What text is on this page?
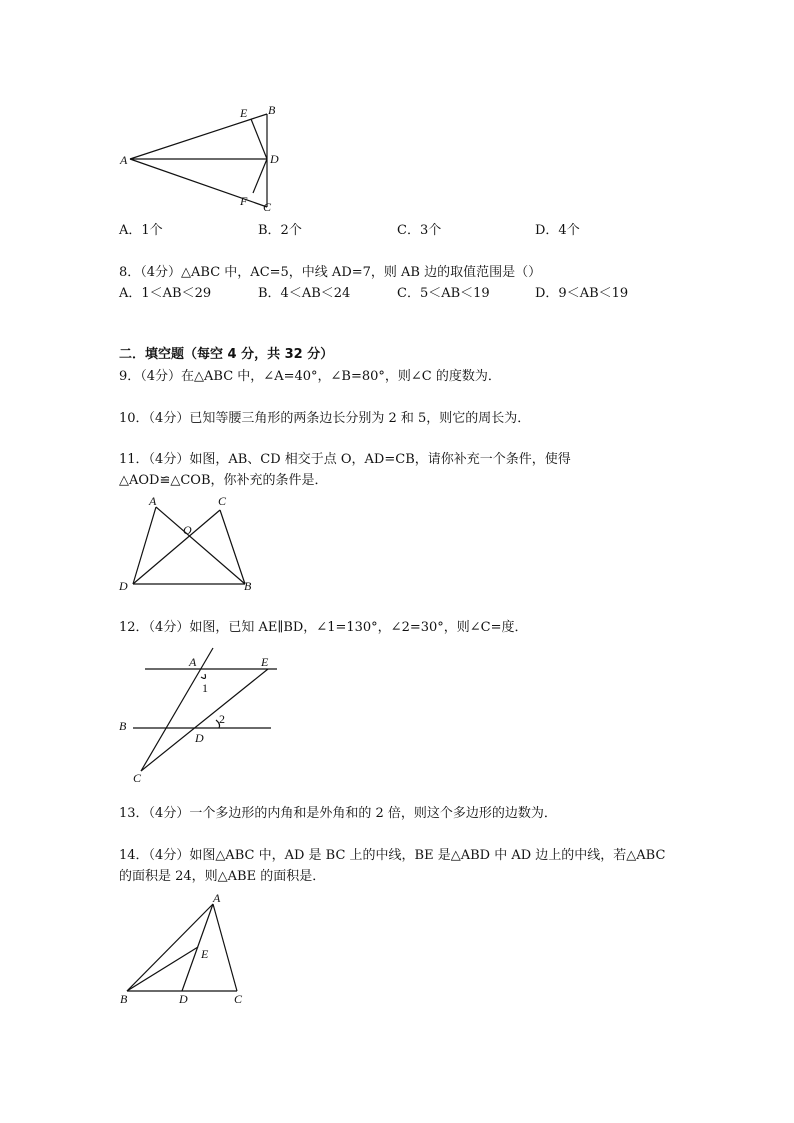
A
B
C
D
E
F
A．1个	B．2个	C．3个	D．4个
8．（4分）△ABC 中，AC=5，中线 AD=7，则 AB 边的取值范围是（）
A．1＜AB＜29	B．4＜AB＜24	C．5＜AB＜19	D．9＜AB＜19
二．填空题（每空 4 分，共 32 分）
9．（4分）在△ABC 中，∠A=40°，∠B=80°，则∠C 的度数为．
10．（4分）已知等腰三角形的两条边长分别为 2 和 5，则它的周长为．
11．（4分）如图，AB、CD 相交于点 O，AD=CB，请你补充一个条件，使得
△AOD≌△COB，你补充的条件是．
A
B
C
D
O
12．（4分）如图，已知 AE∥BD，∠1=130°，∠2=30°，则∠C=度．
A	E
B
D
C
1
2
13．（4分）一个多边形的内角和是外角和的 2 倍，则这个多边形的边数为．
14．（4分）如图△ABC 中，AD 是 BC 上的中线，BE 是△ABD 中 AD 边上的中线，若△ABC
的面积是 24，则△ABE 的面积是．
A
B	C
D
E
